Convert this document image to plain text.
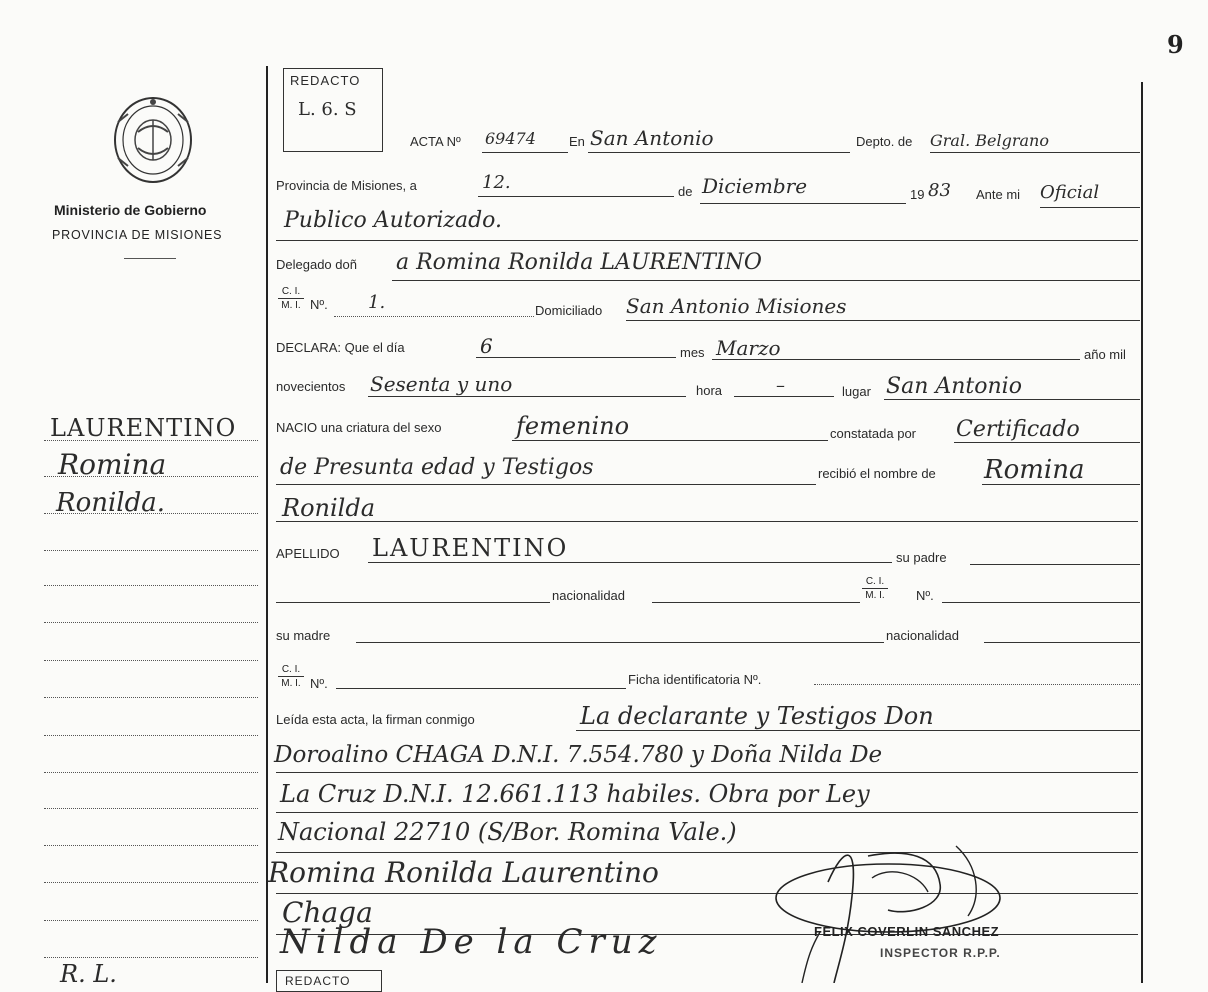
9
Ministerio de Gobierno
PROVINCIA DE MISIONES
LAURENTINO
Romina
Ronilda.
R. L.
REDACTO
L. 6. S
ACTA Nº 69474	En San Antonio	Depto. de Gral. Belgrano
Provincia de Misiones, a	12.	de Diciembre	19 83 Ante mi Oficial
Publico Autorizado.
Delegado doñ a Romina Ronilda LAURENTINO
$\frac{C. I.}{M. I.}$ Nº. 1.	Domiciliado San Antonio Misiones
DECLARA: Que el día	6	mes Marzo	año mil
novecientos Sesenta y uno	hora	–	lugar San Antonio
NACIO una criatura del sexo	femenino	constatada por Certificado
de Presunta edad y Testigos	recibió el nombre de Romina
Ronilda
APELLIDO LAURENTINO	su padre
nacionalidad	$\frac{C. I.}{M. I.}$ Nº.
su madre	nacionalidad
$\frac{C. I.}{M. I.}$ Nº.	Ficha identificatoria Nº.
Leída esta acta, la firman conmigo	La declarante y Testigos Don
Doroalino CHAGA D.N.I. 7.554.780 y Doña Nilda De
La Cruz D.N.I. 12.661.113 habiles. Obra por Ley
Nacional 22710 (S/Bor. Romina Vale.)
Romina Ronilda Laurentino
Chaga
Nilda De la Cruz	FELIX COVERLIN SANCHEZ
INSPECTOR R.P.P.
REDACTO
